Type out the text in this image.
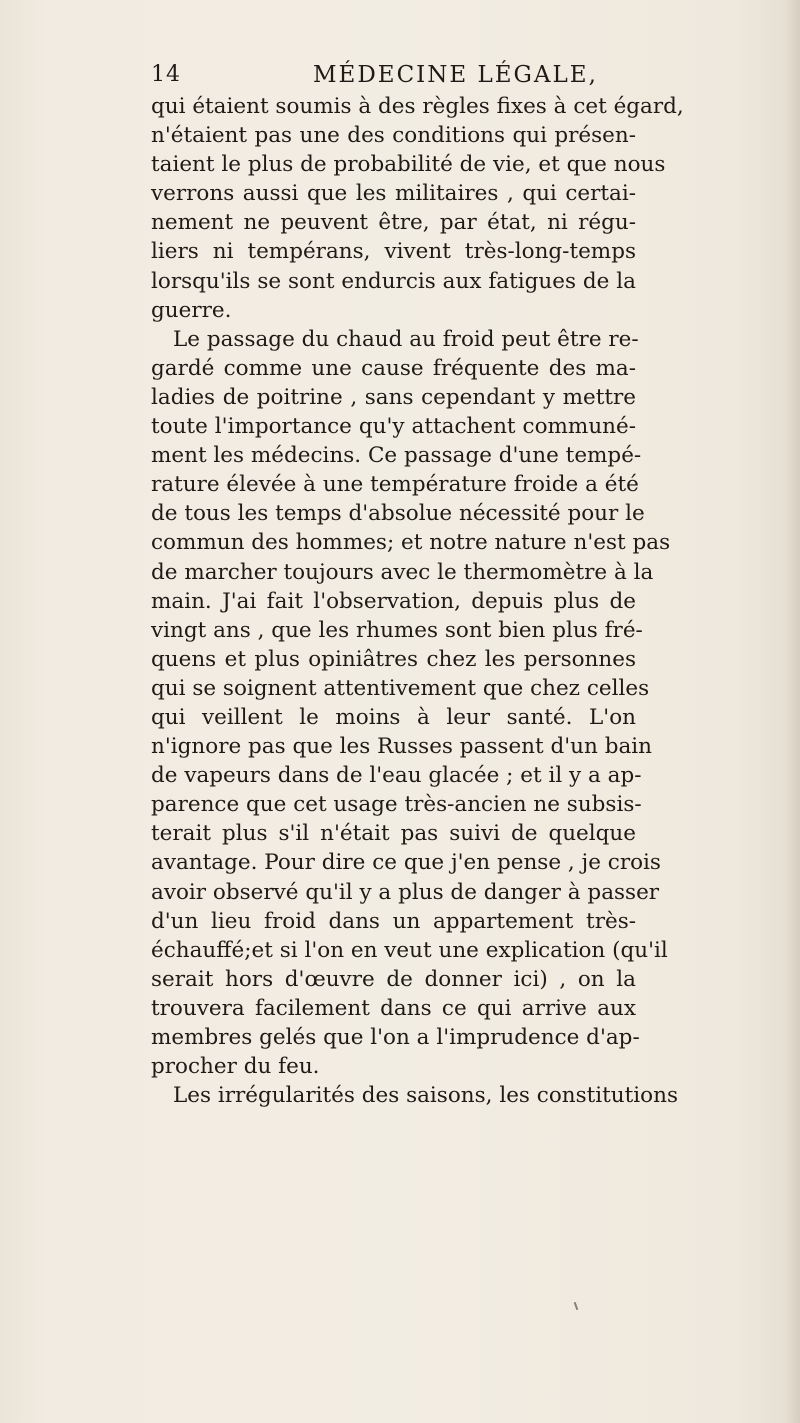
14	MÉDECINE LÉGALE,
qui étaient soumis à des règles fixes à cet égard,
n'étaient pas une des conditions qui présen-
taient le plus de probabilité de vie, et que nous
verrons aussi que les militaires , qui certai-
nement ne peuvent être, par état, ni régu-
liers ni tempérans, vivent très-long-temps
lorsqu'ils se sont endurcis aux fatigues de la
guerre.
Le passage du chaud au froid peut être re-
gardé comme une cause fréquente des ma-
ladies de poitrine , sans cependant y mettre
toute l'importance qu'y attachent communé-
ment les médecins. Ce passage d'une tempé-
rature élevée à une température froide a été
de tous les temps d'absolue nécessité pour le
commun des hommes; et notre nature n'est pas
de marcher toujours avec le thermomètre à la
main. J'ai fait l'observation, depuis plus de
vingt ans , que les rhumes sont bien plus fré-
quens et plus opiniâtres chez les personnes
qui se soignent attentivement que chez celles
qui veillent le moins à leur santé. L'on
n'ignore pas que les Russes passent d'un bain
de vapeurs dans de l'eau glacée ; et il y a ap-
parence que cet usage très-ancien ne subsis-
terait plus s'il n'était pas suivi de quelque
avantage. Pour dire ce que j'en pense , je crois
avoir observé qu'il y a plus de danger à passer
d'un lieu froid dans un appartement très-
échauffé;et si l'on en veut une explication (qu'il
serait hors d'œuvre de donner ici) , on la
trouvera facilement dans ce qui arrive aux
membres gelés que l'on a l'imprudence d'ap-
procher du feu.
Les irrégularités des saisons, les constitutions
